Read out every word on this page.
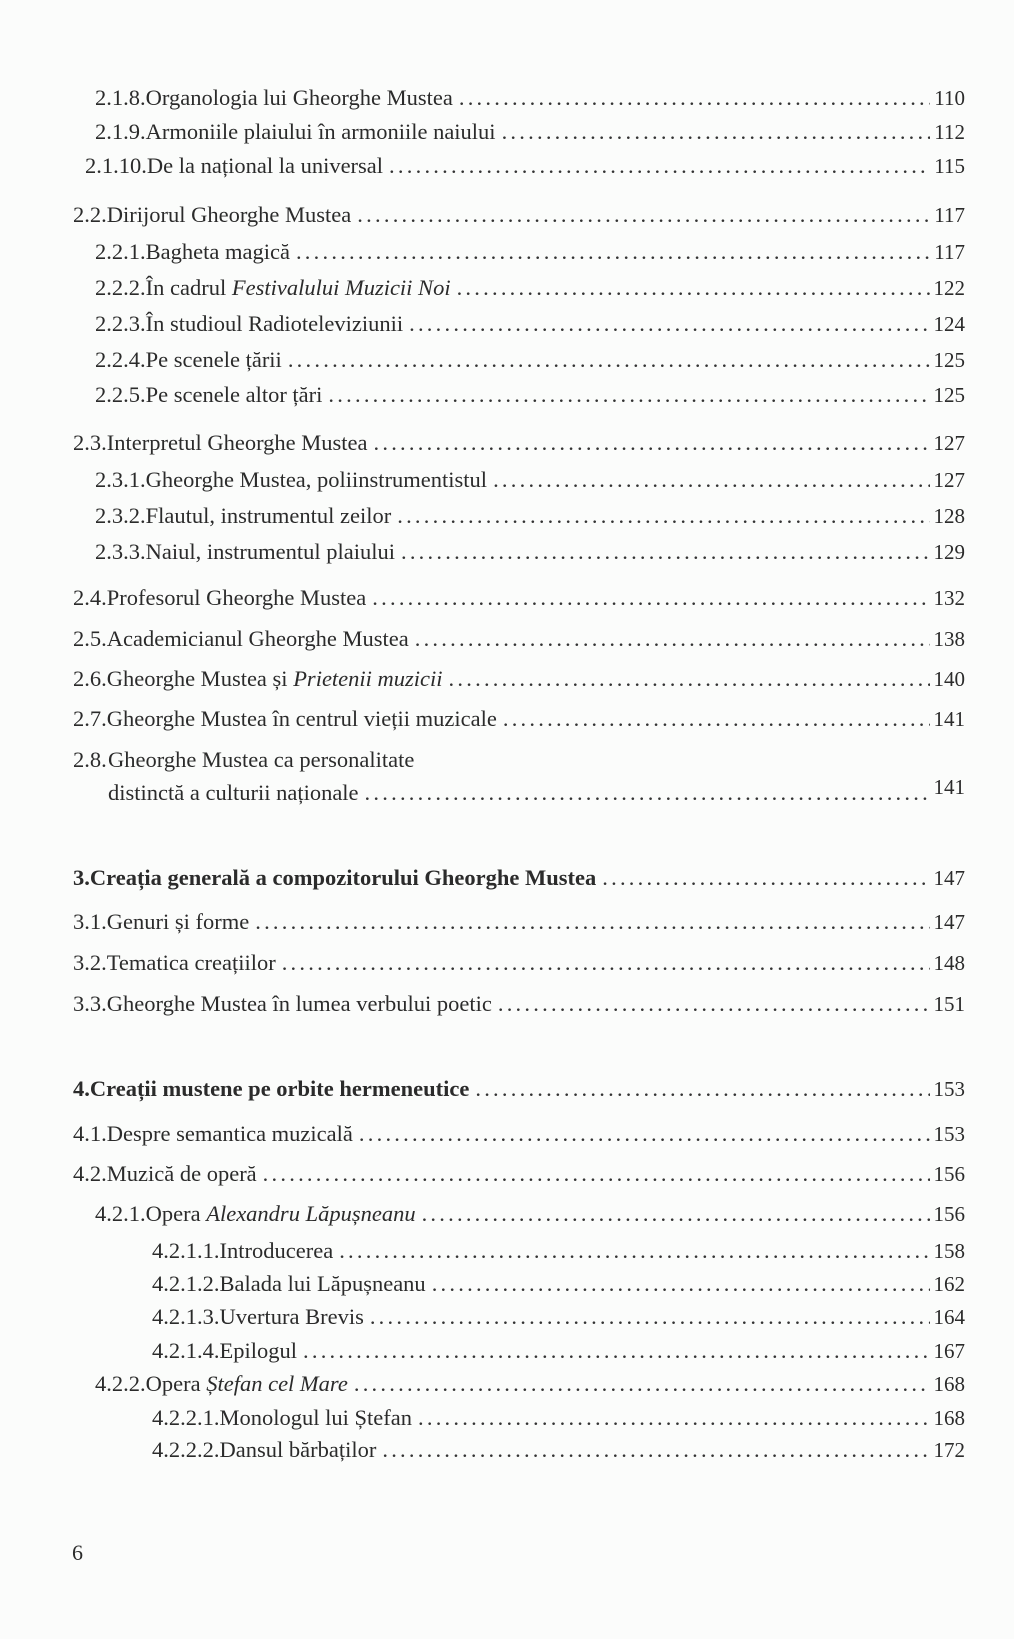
2.1.8. Organologia lui Gheorghe Mustea . . .	110
2.1.9. Armoniile plaiului în armoniile naiului . . .	112
2.1.10. De la național la universal . . .	115
2.2. Dirijorul Gheorghe Mustea . . .	117
2.2.1. Bagheta magică . . .	117
2.2.2. În cadrul Festivalului Muzicii Noi . . .	122
2.2.3. În studioul Radioteleviziunii . . .	124
2.2.4. Pe scenele țării . . .	125
2.2.5. Pe scenele altor țări . . .	125
2.3. Interpretul Gheorghe Mustea . . .	127
2.3.1. Gheorghe Mustea, poliinstrumentistul . . .	127
2.3.2. Flautul, instrumentul zeilor . . .	128
2.3.3. Naiul, instrumentul plaiului . . .	129
2.4. Profesorul Gheorghe Mustea . . .	132
2.5. Academicianul Gheorghe Mustea . . .	138
2.6. Gheorghe Mustea și Prietenii muzicii . . .	140
2.7. Gheorghe Mustea în centrul vieții muzicale . . .	141
2.8. Gheorghe Mustea ca personalitate
distinctă a culturii naționale . . .	141
3. Creația generală a compozitorului Gheorghe Mustea . . .	147
3.1. Genuri și forme . . .	147
3.2. Tematica creațiilor . . .	148
3.3. Gheorghe Mustea în lumea verbului poetic . . .	151
4. Creații mustene pe orbite hermeneutice . . .	153
4.1. Despre semantica muzicală . . .	153
4.2. Muzică de operă . . .	156
4.2.1. Opera Alexandru Lăpușneanu . . .	156
4.2.1.1. Introducerea . . .	158
4.2.1.2. Balada lui Lăpușneanu . . .	162
4.2.1.3. Uvertura Brevis . . .	164
4.2.1.4. Epilogul . . .	167
4.2.2. Opera Ștefan cel Mare . . .	168
4.2.2.1. Monologul lui Ștefan . . .	168
4.2.2.2. Dansul bărbaților . . .	172
6
